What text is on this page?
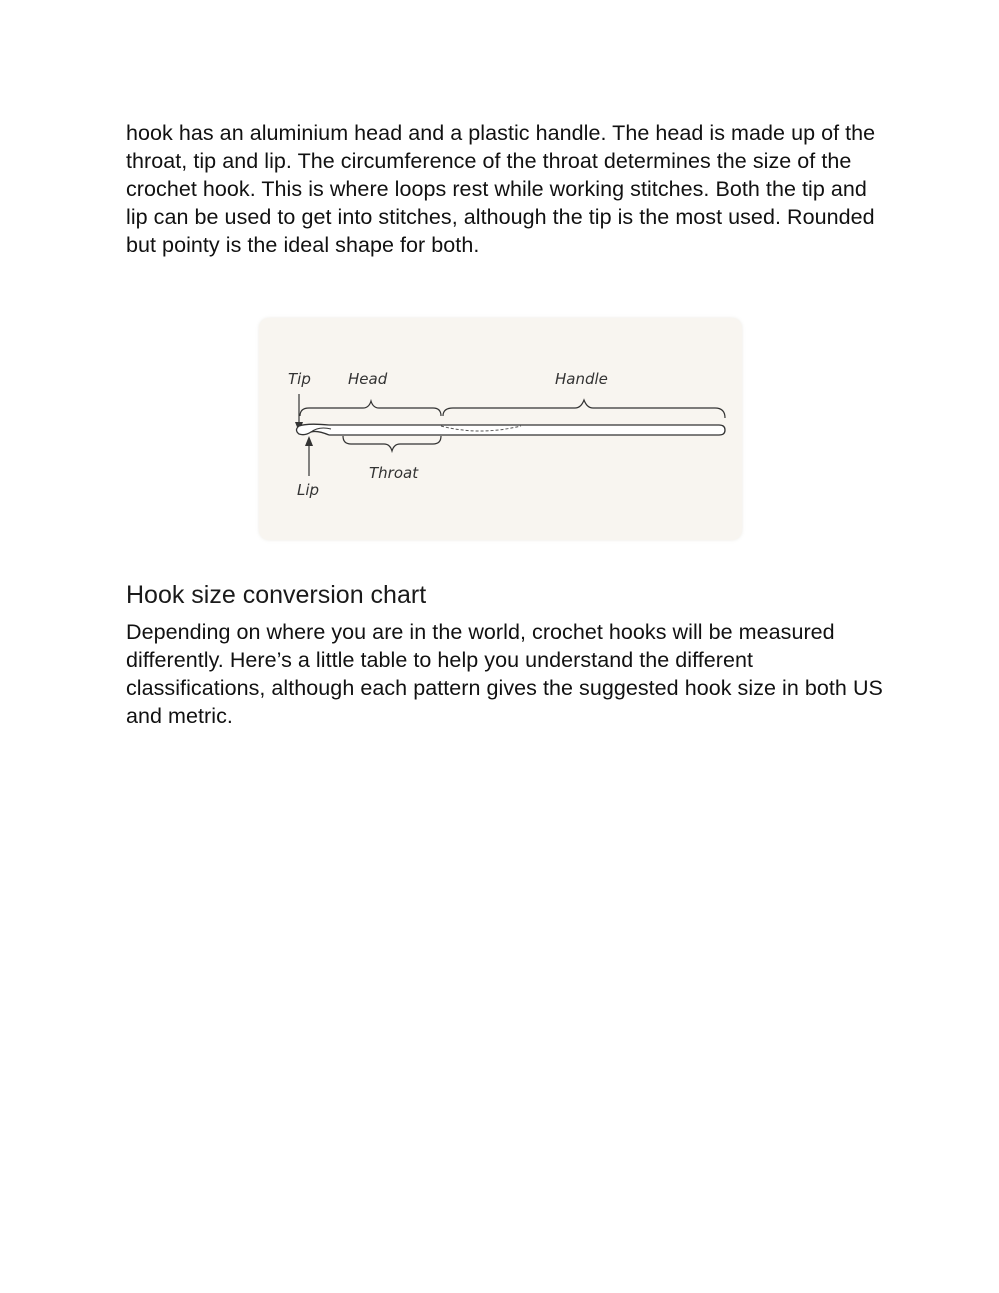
hook has an aluminium head and a plastic handle. The head is made up of the throat, tip and lip. The circumference of the throat determines the size of the crochet hook. This is where loops rest while working stitches. Both the tip and lip can be used to get into stitches, although the tip is the most used. Rounded but pointy is the ideal shape for both.

Tip Head	Handle
Throat
Lip
Hook size conversion chart

Depending on where you are in the world, crochet hooks will be measured differently. Here’s a little table to help you understand the different classifications, although each pattern gives the suggested hook size in both US and metric.
